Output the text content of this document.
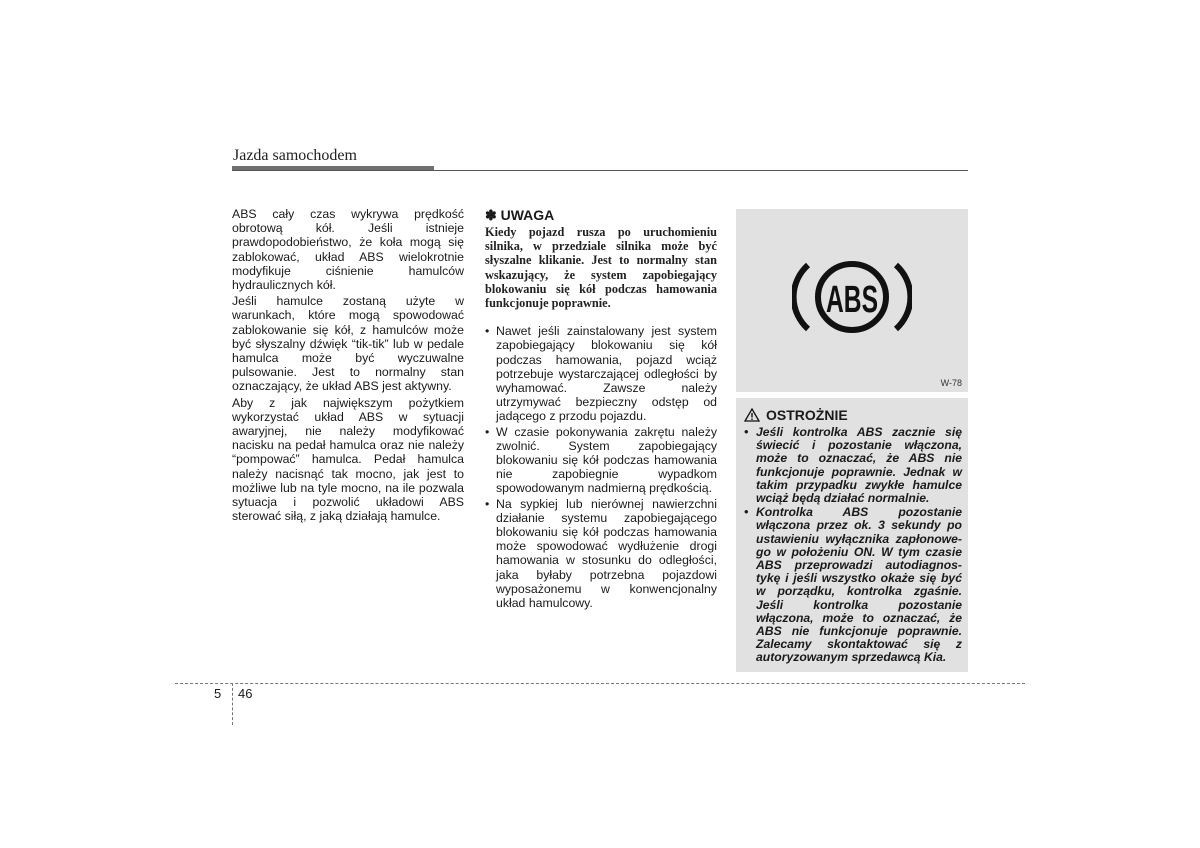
Jazda samochodem

ABS cały czas wykrywa prędkość obrotową kół. Jeśli istnieje prawdopodobieństwo, że koła mogą się zablokować, układ ABS wielokrotnie modyfikuje ciśnienie hamulców hydraulicznych kół.

Jeśli hamulce zostaną użyte w warunkach, które mogą spowodować zablokowanie się kół, z hamulców może być słyszalny dźwięk “tik-tik” lub w pedale hamulca może być wyczuwalne pulsowanie. Jest to normalny stan oznaczający, że układ ABS jest aktywny.

Aby z jak największym pożytkiem wykorzystać układ ABS w sytuacji awaryjnej, nie należy modyfikować nacisku na pedał hamulca oraz nie należy “pompować” hamulca. Pedał hamulca należy nacisnąć tak mocno, jak jest to możliwe lub na tyle mocno, na ile pozwala sytuacja i pozwolić układowi ABS sterować siłą, z jaką działają hamulce.

✽ UWAGA
Kiedy pojazd rusza po uruchomieniu silnika, w przedziale silnika może być słyszalne klikanie. Jest to normalny stan wskazujący, że system zapobiegający blokowaniu się kół podczas hamowania funkcjonuje poprawnie.
• Nawet jeśli zainstalowany jest system zapobiegający blokowaniu się kół podczas hamowania, pojazd wciąż potrzebuje wystarczającej odległości by wyhamować. Zawsze należy utrzymywać bezpieczny odstęp od jadącego z przodu pojazdu.
• W czasie pokonywania zakrętu należy zwolnić. System zapobiegający blokowaniu się kół podczas hamowania nie zapobiegnie wypadkom spowodowanym nadmierną prędkością.
• Na sypkiej lub nierównej nawierzchni działanie systemu zapobiegającego blokowaniu się kół podczas hamowania może spowodować wydłużenie drogi hamowania w stosunku do odległości, jaka byłaby potrzebna pojazdowi wyposażonemu w konwencjonalny układ hamulcowy.
ABS
W-78
OSTROŻNIE
• Jeśli kontrolka ABS zacznie się świecić i pozostanie włączona, może to oznaczać, że ABS nie funkcjonuje poprawnie. Jednak w takim przypadku zwykłe hamulce wciąż będą działać normalnie.
• Kontrolka ABS pozostanie włączona przez ok. 3 sekundy po ustawieniu wyłącznika zapłonowe- go w położeniu ON. W tym czasie ABS przeprowadzi autodiagnos- tykę i jeśli wszystko okaże się być w porządku, kontrolka zgaśnie. Jeśli kontrolka pozostanie włączona, może to oznaczać, że ABS nie funkcjonuje poprawnie. Zalecamy skontaktować się z autoryzowanym sprzedawcą Kia.
5 46
